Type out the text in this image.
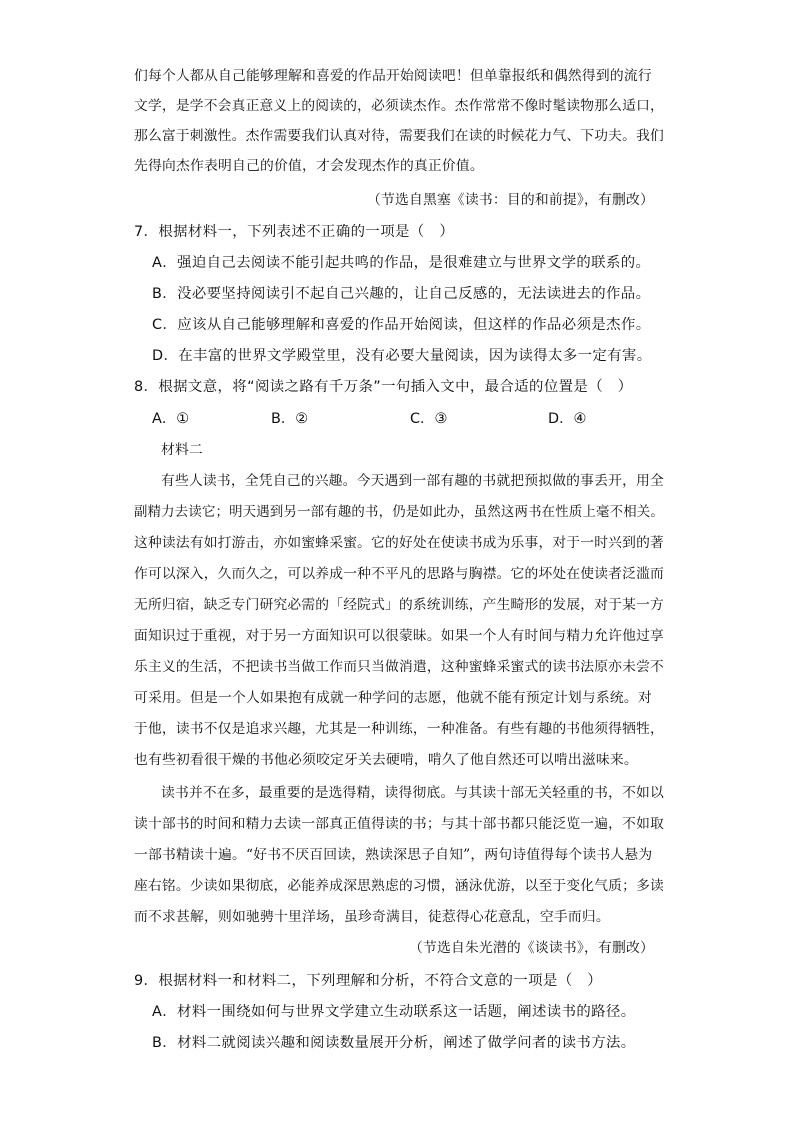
们每个人都从自己能够理解和喜爱的作品开始阅读吧！但单靠报纸和偶然得到的流行
文学，是学不会真正意义上的阅读的，必须读杰作。杰作常常不像时髦读物那么适口，
那么富于刺激性。杰作需要我们认真对待，需要我们在读的时候花力气、下功夫。我们
先得向杰作表明自己的价值，才会发现杰作的真正价值。
（节选自黑塞《读书：目的和前提》，有删改）
7．根据材料一，下列表述不正确的一项是（　）
A．强迫自己去阅读不能引起共鸣的作品，是很难建立与世界文学的联系的。
B．没必要坚持阅读引不起自己兴趣的，让自己反感的，无法读进去的作品。
C．应该从自己能够理解和喜爱的作品开始阅读，但这样的作品必须是杰作。
D．在丰富的世界文学殿堂里，没有必要大量阅读，因为读得太多一定有害。
8．根据文意，将“阅读之路有千万条”一句插入文中，最合适的位置是（　）
A．①	B．②	C．③	D．④
材料二
有些人读书，全凭自己的兴趣。今天遇到一部有趣的书就把预拟做的事丢开，用全
副精力去读它；明天遇到另一部有趣的书，仍是如此办，虽然这两书在性质上毫不相关。
这种读法有如打游击，亦如蜜蜂采蜜。它的好处在使读书成为乐事，对于一时兴到的著
作可以深入，久而久之，可以养成一种不平凡的思路与胸襟。它的坏处在使读者泛滥而
无所归宿，缺乏专门研究必需的「经院式」的系统训练，产生畸形的发展，对于某一方
面知识过于重视，对于另一方面知识可以很蒙昧。如果一个人有时间与精力允许他过享
乐主义的生活，不把读书当做工作而只当做消遣，这种蜜蜂采蜜式的读书法原亦未尝不
可采用。但是一个人如果抱有成就一种学问的志愿，他就不能有预定计划与系统。对
于他，读书不仅是追求兴趣，尤其是一种训练，一种准备。有些有趣的书他须得牺牲，
也有些初看很干燥的书他必须咬定牙关去硬啃，啃久了他自然还可以啃出滋味来。
读书并不在多，最重要的是选得精，读得彻底。与其读十部无关轻重的书，不如以
读十部书的时间和精力去读一部真正值得读的书；与其十部书都只能泛览一遍，不如取
一部书精读十遍。“好书不厌百回读，熟读深思子自知”，两句诗值得每个读书人悬为
座右铭。少读如果彻底，必能养成深思熟虑的习惯，涵泳优游，以至于变化气质；多读
而不求甚解，则如驰骋十里洋场，虽珍奇满目，徒惹得心花意乱，空手而归。
（节选自朱光潜的《谈读书》，有删改）
9．根据材料一和材料二，下列理解和分析，不符合文意的一项是（　）
A．材料一围绕如何与世界文学建立生动联系这一话题，阐述读书的路径。
B．材料二就阅读兴趣和阅读数量展开分析，阐述了做学问者的读书方法。
